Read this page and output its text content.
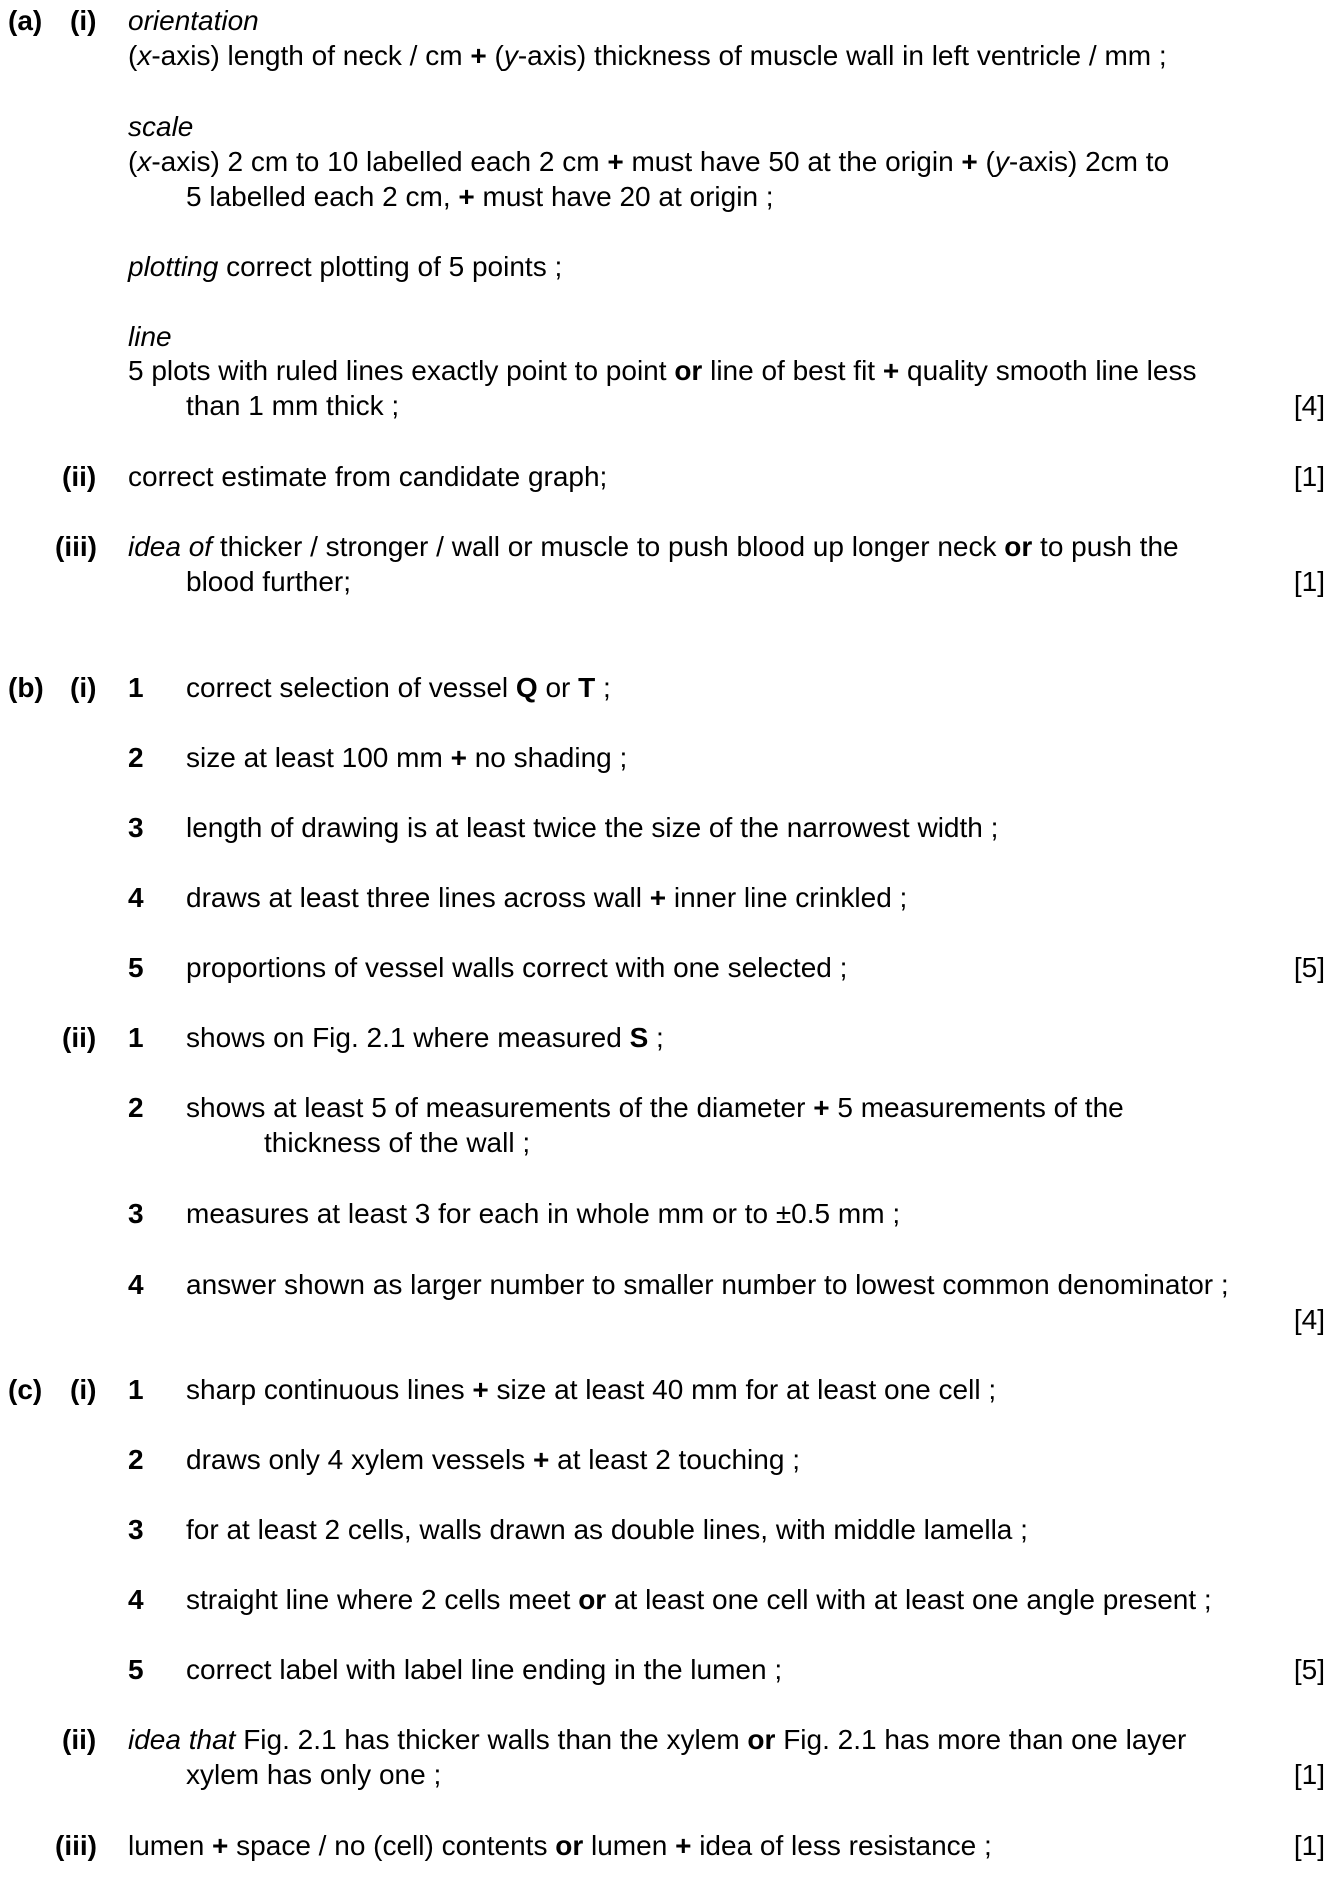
(a) (i) orientation
(x-axis) length of neck / cm + (y-axis) thickness of muscle wall in left ventricle / mm ;
scale
(x-axis) 2 cm to 10 labelled each 2 cm + must have 50 at the origin + (y-axis) 2cm to
5 labelled each 2 cm, + must have 20 at origin ;
plotting correct plotting of 5 points ;
line
5 plots with ruled lines exactly point to point or line of best fit + quality smooth line less
than 1 mm thick ;	[4]
(ii) correct estimate from candidate graph;	[1]
(iii) idea of thicker / stronger / wall or muscle to push blood up longer neck or to push the
blood further;	[1]
(b) (i) 1 correct selection of vessel Q or T ;
2 size at least 100 mm + no shading ;
3 length of drawing is at least twice the size of the narrowest width ;
4 draws at least three lines across wall + inner line crinkled ;
5 proportions of vessel walls correct with one selected ;	[5]
(ii) 1 shows on Fig. 2.1 where measured S ;
2 shows at least 5 of measurements of the diameter + 5 measurements of the
thickness of the wall ;
3 measures at least 3 for each in whole mm or to ±0.5 mm ;
4 answer shown as larger number to smaller number to lowest common denominator ;
[4]
(c) (i) 1 sharp continuous lines + size at least 40 mm for at least one cell ;
2 draws only 4 xylem vessels + at least 2 touching ;
3 for at least 2 cells, walls drawn as double lines, with middle lamella ;
4 straight line where 2 cells meet or at least one cell with at least one angle present ;
5 correct label with label line ending in the lumen ;	[5]
(ii) idea that Fig. 2.1 has thicker walls than the xylem or Fig. 2.1 has more than one layer
xylem has only one ;	[1]
(iii) lumen + space / no (cell) contents or lumen + idea of less resistance ;	[1]
